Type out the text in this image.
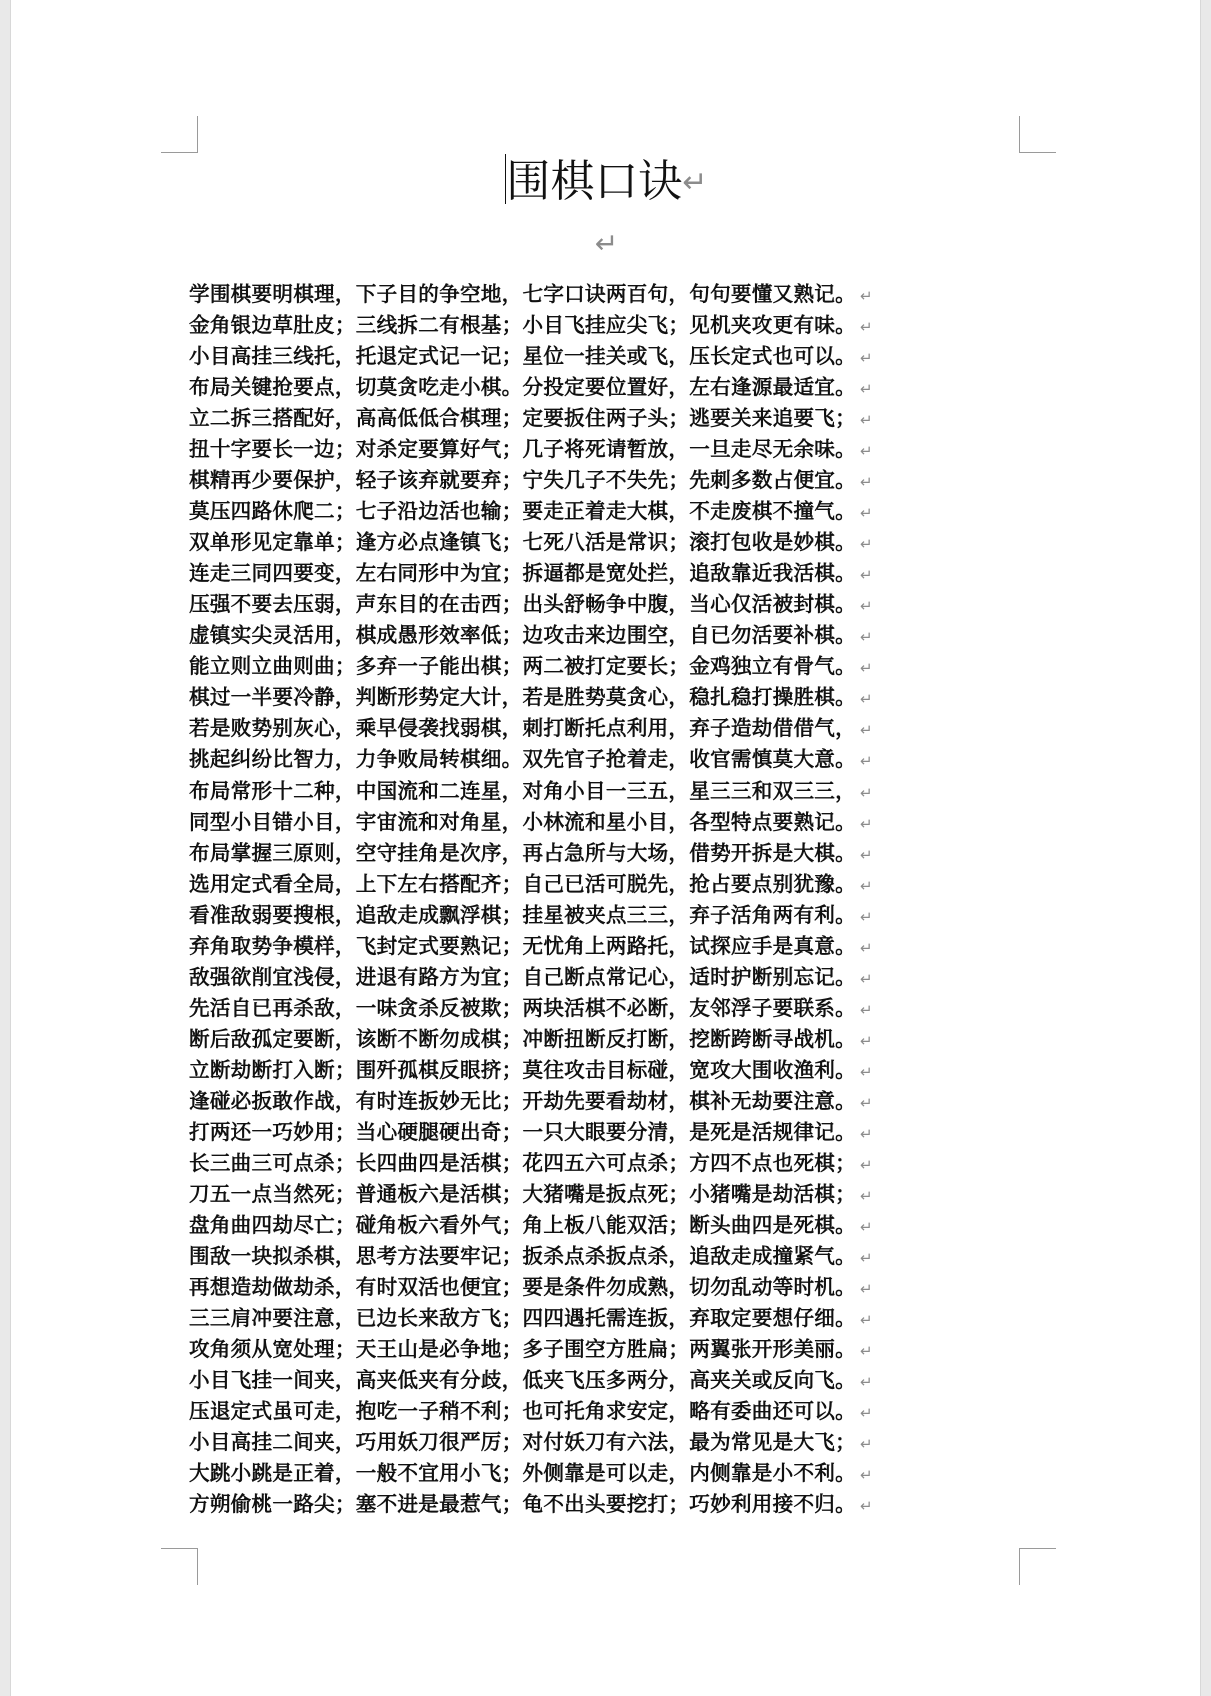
围棋口诀↵
↵
学围棋要明棋理，下子目的争空地，七字口诀两百句，句句要懂又熟记。 ↵
金角银边草肚皮；三线拆二有根基；小目飞挂应尖飞；见机夹攻更有味。 ↵
小目高挂三线托，托退定式记一记；星位一挂关或飞，压长定式也可以。 ↵
布局关键抢要点，切莫贪吃走小棋。分投定要位置好，左右逢源最适宜。 ↵
立二拆三搭配好，高高低低合棋理；定要扳住两子头；逃要关来追要飞； ↵
扭十字要长一边；对杀定要算好气；几子将死请暂放，一旦走尽无余味。 ↵
棋精再少要保护，轻子该弃就要弃；宁失几子不失先；先刺多数占便宜。 ↵
莫压四路休爬二；七子沿边活也输；要走正着走大棋，不走废棋不撞气。 ↵
双单形见定靠单；逢方必点逢镇飞；七死八活是常识；滚打包收是妙棋。 ↵
连走三同四要变，左右同形中为宜；拆逼都是宽处拦，追敌靠近我活棋。 ↵
压强不要去压弱，声东目的在击西；出头舒畅争中腹，当心仅活被封棋。 ↵
虚镇实尖灵活用，棋成愚形效率低；边攻击来边围空，自已勿活要补棋。 ↵
能立则立曲则曲；多弃一子能出棋；两二被打定要长；金鸡独立有骨气。 ↵
棋过一半要冷静，判断形势定大计，若是胜势莫贪心，稳扎稳打操胜棋。 ↵
若是败势别灰心，乘早侵袭找弱棋，刺打断托点利用，弃子造劫借借气， ↵
挑起纠纷比智力，力争败局转棋细。双先官子抢着走，收官需慎莫大意。 ↵
布局常形十二种，中国流和二连星，对角小目一三五，星三三和双三三， ↵
同型小目错小目，宇宙流和对角星，小林流和星小目，各型特点要熟记。 ↵
布局掌握三原则，空守挂角是次序，再占急所与大场，借势开拆是大棋。 ↵
选用定式看全局，上下左右搭配齐；自己已活可脱先，抢占要点别犹豫。 ↵
看准敌弱要搜根，追敌走成飘浮棋；挂星被夹点三三，弃子活角两有利。 ↵
弃角取势争模样，飞封定式要熟记；无忧角上两路托，试探应手是真意。 ↵
敌强欲削宜浅侵，进退有路方为宜；自己断点常记心，适时护断别忘记。 ↵
先活自已再杀敌，一味贪杀反被欺；两块活棋不必断，友邻浮子要联系。 ↵
断后敌孤定要断，该断不断勿成棋；冲断扭断反打断，挖断跨断寻战机。 ↵
立断劫断打入断；围歼孤棋反眼挤；莫往攻击目标碰，宽攻大围收渔利。 ↵
逢碰必扳敢作战，有时连扳妙无比；开劫先要看劫材，棋补无劫要注意。 ↵
打两还一巧妙用；当心硬腿硬出奇；一只大眼要分清，是死是活规律记。 ↵
长三曲三可点杀；长四曲四是活棋；花四五六可点杀；方四不点也死棋； ↵
刀五一点当然死；普通板六是活棋；大猪嘴是扳点死；小猪嘴是劫活棋； ↵
盘角曲四劫尽亡；碰角板六看外气；角上板八能双活；断头曲四是死棋。 ↵
围敌一块拟杀棋，思考方法要牢记；扳杀点杀扳点杀，追敌走成撞紧气。 ↵
再想造劫做劫杀，有时双活也便宜；要是条件勿成熟，切勿乱动等时机。 ↵
三三肩冲要注意，已边长来敌方飞；四四遇托需连扳，弃取定要想仔细。 ↵
攻角须从宽处理；天王山是必争地；多子围空方胜扁；两翼张开形美丽。 ↵
小目飞挂一间夹，高夹低夹有分歧，低夹飞压多两分，高夹关或反向飞。 ↵
压退定式虽可走，抱吃一子稍不利；也可托角求安定，略有委曲还可以。 ↵
小目高挂二间夹，巧用妖刀很严厉；对付妖刀有六法，最为常见是大飞； ↵
大跳小跳是正着，一般不宜用小飞；外侧靠是可以走，内侧靠是小不利。 ↵
方朔偷桃一路尖；塞不进是最惹气；龟不出头要挖打；巧妙利用接不归。 ↵
